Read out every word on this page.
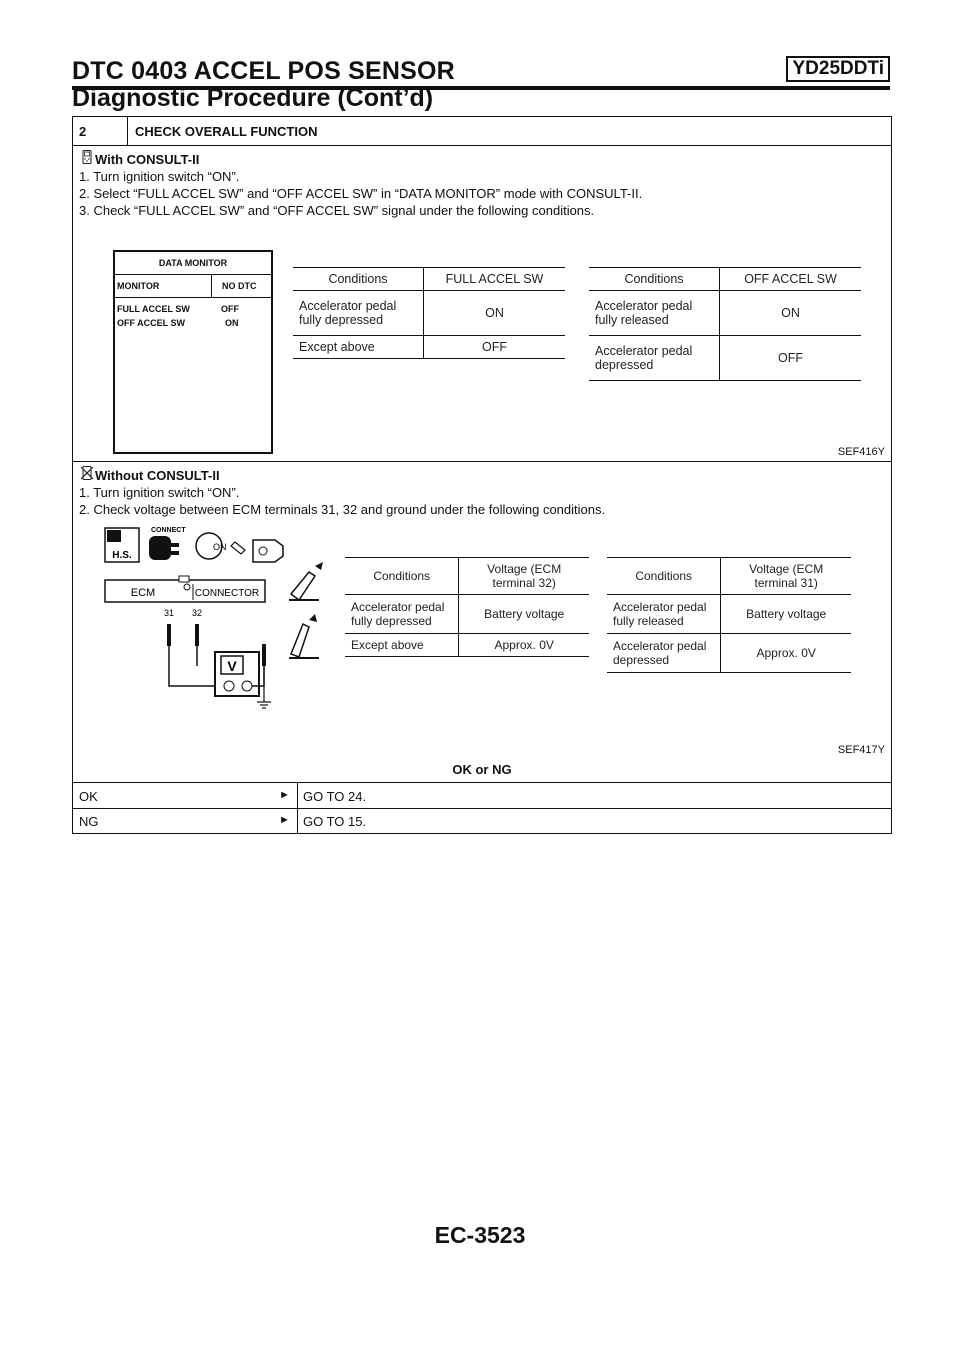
DTC 0403 ACCEL POS SENSOR	YD25DDTi
Diagnostic Procedure (Cont’d)
2	CHECK OVERALL FUNCTION
With CONSULT-II
1. Turn ignition switch “ON”.
2. Select “FULL ACCEL SW” and “OFF ACCEL SW” in “DATA MONITOR” mode with CONSULT-II.
3. Check “FULL ACCEL SW” and “OFF ACCEL SW” signal under the following conditions.
DATA MONITOR
MONITOR	NO DTC
FULL ACCEL SW	OFF
OFF ACCEL SW	ON
Conditions	FULL ACCEL SW
Accelerator pedal fully depressed	ON
Except above	OFF
Conditions	OFF ACCEL SW
Accelerator pedal fully released	ON
Accelerator pedal depressed	OFF
SEF416Y
Without CONSULT-II
1. Turn ignition switch “ON”.
2. Check voltage between ECM terminals 31, 32 and ground under the following conditions.
H.S.
CONNECT
ON
ECM	CONNECTOR
31 32
V
Conditions	Voltage (ECM terminal 32)
Accelerator pedal fully depressed	Battery voltage
Except above	Approx. 0V
Conditions	Voltage (ECM terminal 31)
Accelerator pedal fully released	Battery voltage
Accelerator pedal depressed	Approx. 0V
SEF417Y
OK or NG
OK	► GO TO 24.
NG	► GO TO 15.
EC-3523
